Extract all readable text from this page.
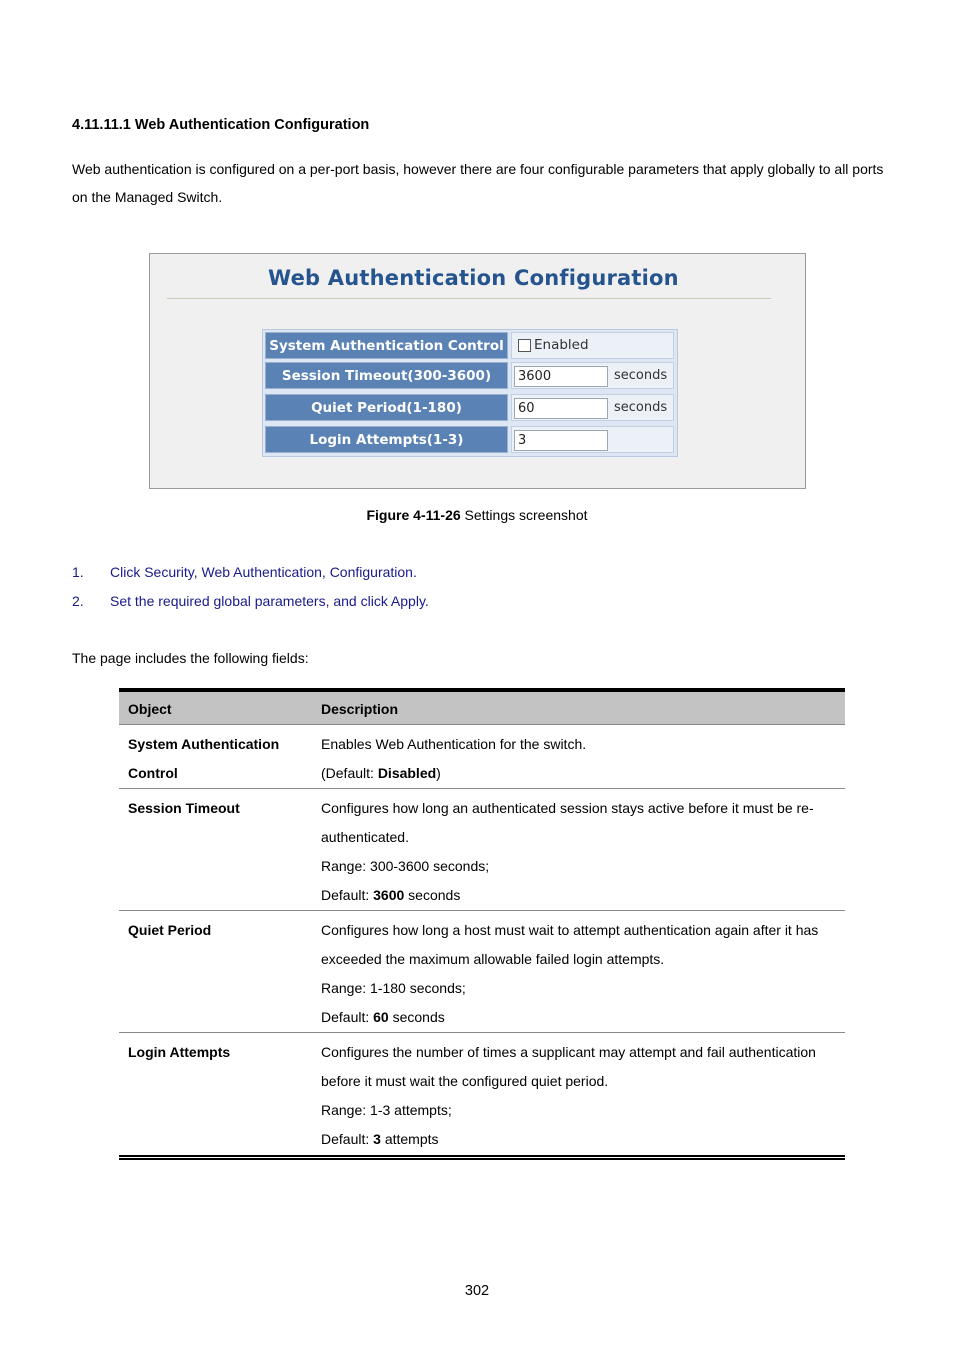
4.11.11.1 Web Authentication Configuration
Web authentication is configured on a per-port basis, however there are four configurable parameters that apply globally to all ports on the Managed Switch.
Web Authentication Configuration
System Authentication Control	Enabled
Session Timeout(300-3600)	3600	seconds
Quiet Period(1-180)	60	seconds
Login Attempts(1-3)	3
Figure 4-11-26 Settings screenshot
1. Click Security, Web Authentication, Configuration.
2. Set the required global parameters, and click Apply.
The page includes the following fields:
Object	Description
System Authentication Control	Enables Web Authentication for the switch.
(Default: Disabled)

Session Timeout	Configures how long an authenticated session stays active before it must be re-authenticated.
Range: 300-3600 seconds;
Default: 3600 seconds

Quiet Period	Configures how long a host must wait to attempt authentication again after it has exceeded the maximum allowable failed login attempts.
Range: 1-180 seconds;
Default: 60 seconds

Login Attempts	Configures the number of times a supplicant may attempt and fail authentication before it must wait the configured quiet period.
Range: 1-3 attempts;
Default: 3 attempts
302
